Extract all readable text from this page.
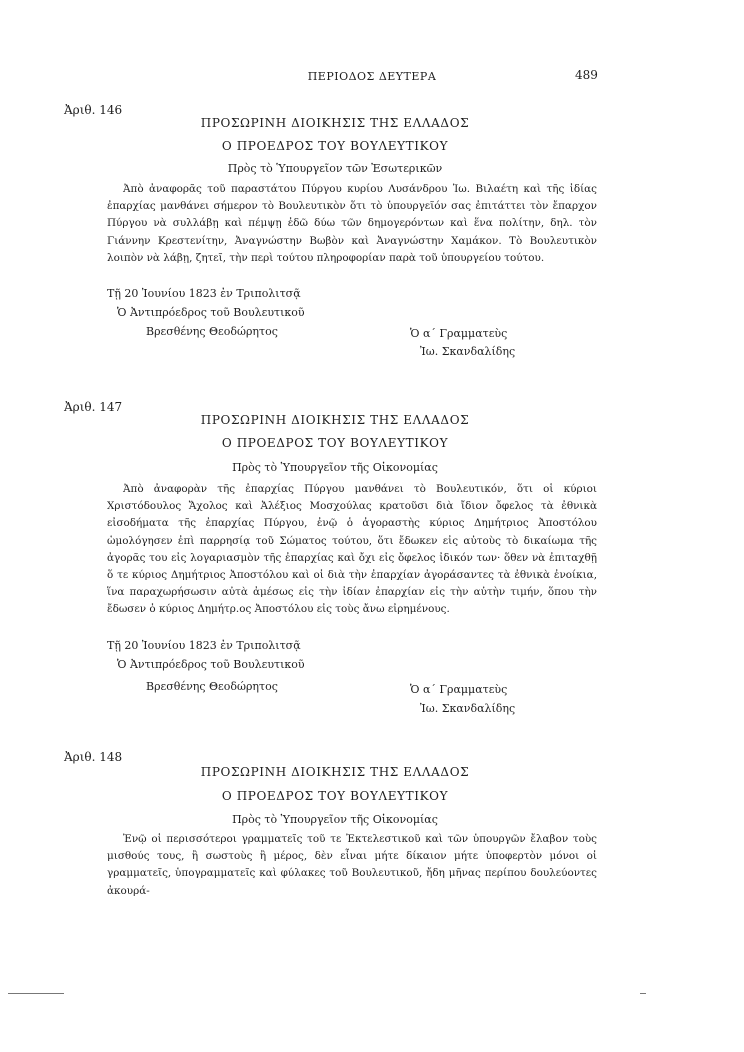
ΠΕΡΙΟΔΟΣ ΔΕΥΤΕΡΑ	489
Ἀριθ. 146
ΠΡΟΣΩΡΙΝΗ ΔΙΟΙΚΗΣΙΣ ΤΗΣ ΕΛΛΑΔΟΣ
Ο ΠΡΟΕΔΡΟΣ ΤΟΥ ΒΟΥΛΕΥΤΙΚΟΥ
Πρὸς τὸ Ὑπουργεῖον τῶν Ἐσωτερικῶν

Ἀπὸ ἀναφορᾶς τοῦ παραστάτου Πύργου κυρίου Λυσάνδρου Ἰω. Βιλαέτη καὶ τῆς ἰδίας ἐπαρχίας μανθάνει σήμερον τὸ Βουλευτικὸν ὅτι τὸ ὑπουργεῖόν σας ἐπιτάττει τὸν ἔπαρχον Πύργου νὰ συλλάβῃ καὶ πέμψῃ ἐδῶ δύω τῶν δημογερόντων καὶ ἕνα πολίτην, δηλ. τὸν Γιάννην Κρεστενίτην, Ἀναγνώστην Βωβὸν καὶ Ἀναγνώστην Χαμάκον. Τὸ Βουλευτικὸν λοιπὸν νὰ λάβῃ, ζητεῖ, τὴν περὶ τούτου πληροφορίαν παρὰ τοῦ ὑπουργείου τούτου.

Τῇ 20 Ἰουνίου 1823 ἐν Τριπολιτσᾷ
Ὁ Ἀντιπρόεδρος τοῦ Βουλευτικοῦ
Βρεσθένης Θεοδώρητος	Ὁ α΄ Γραμματεὺς
Ἰω. Σκανδαλίδης
Ἀριθ. 147
ΠΡΟΣΩΡΙΝΗ ΔΙΟΙΚΗΣΙΣ ΤΗΣ ΕΛΛΑΔΟΣ
Ο ΠΡΟΕΔΡΟΣ ΤΟΥ ΒΟΥΛΕΥΤΙΚΟΥ
Πρὸς τὸ Ὑπουργεῖον τῆς Οἰκονομίας

Ἀπὸ ἀναφορὰν τῆς ἐπαρχίας Πύργου μανθάνει τὸ Βουλευτικόν, ὅτι οἱ κύριοι Χριστόδουλος Ἄχολος καὶ Ἀλέξιος Μοσχούλας κρατοῦσι διὰ ἴδιον ὄφελος τὰ ἐθνικὰ εἰσοδήματα τῆς ἐπαρχίας Πύργου, ἐνῷ ὁ ἀγοραστὴς κύριος Δημήτριος Ἀποστόλου ὡμολόγησεν ἐπὶ παρρησίᾳ τοῦ Σώματος τούτου, ὅτι ἔδωκεν εἰς αὐτοὺς τὸ δικαίωμα τῆς ἀγορᾶς του εἰς λογαριασμὸν τῆς ἐπαρχίας καὶ ὄχι εἰς ὄφελος ἰδικόν των· ὅθεν νὰ ἐπιταχθῇ ὅ τε κύριος Δημήτριος Ἀποστόλου καὶ οἱ διὰ τὴν ἐπαρχίαν ἀγοράσαντες τὰ ἐθνικὰ ἐνοίκια, ἵνα παραχωρήσωσιν αὐτὰ ἀμέσως εἰς τὴν ἰδίαν ἐπαρχίαν εἰς τὴν αὐτὴν τιμήν, ὅπου τὴν ἔδωσεν ὁ κύριος Δημήτρ.ος Ἀποστόλου εἰς τοὺς ἄνω εἰρημένους.

Τῇ 20 Ἰουνίου 1823 ἐν Τριπολιτσᾷ
Ὁ Ἀντιπρόεδρος τοῦ Βουλευτικοῦ
Βρεσθένης Θεοδώρητος	Ὁ α΄ Γραμματεὺς
Ἰω. Σκανδαλίδης
Ἀριθ. 148
ΠΡΟΣΩΡΙΝΗ ΔΙΟΙΚΗΣΙΣ ΤΗΣ ΕΛΛΑΔΟΣ
Ο ΠΡΟΕΔΡΟΣ ΤΟΥ ΒΟΥΛΕΥΤΙΚΟΥ
Πρὸς τὸ Ὑπουργεῖον τῆς Οἰκονομίας

Ἐνῷ οἱ περισσότεροι γραμματεῖς τοῦ τε Ἐκτελεστικοῦ καὶ τῶν ὑπουργῶν ἔλαβον τοὺς μισθούς τους, ἢ σωστοὺς ἢ μέρος, δὲν εἶναι μήτε δίκαιον μήτε ὑποφερτὸν μόνοι οἱ γραμματεῖς, ὑπογραμματεῖς καὶ φύλακες τοῦ Βουλευτικοῦ, ἤδη μῆνας περίπου δουλεύοντες ἀκουρά-
